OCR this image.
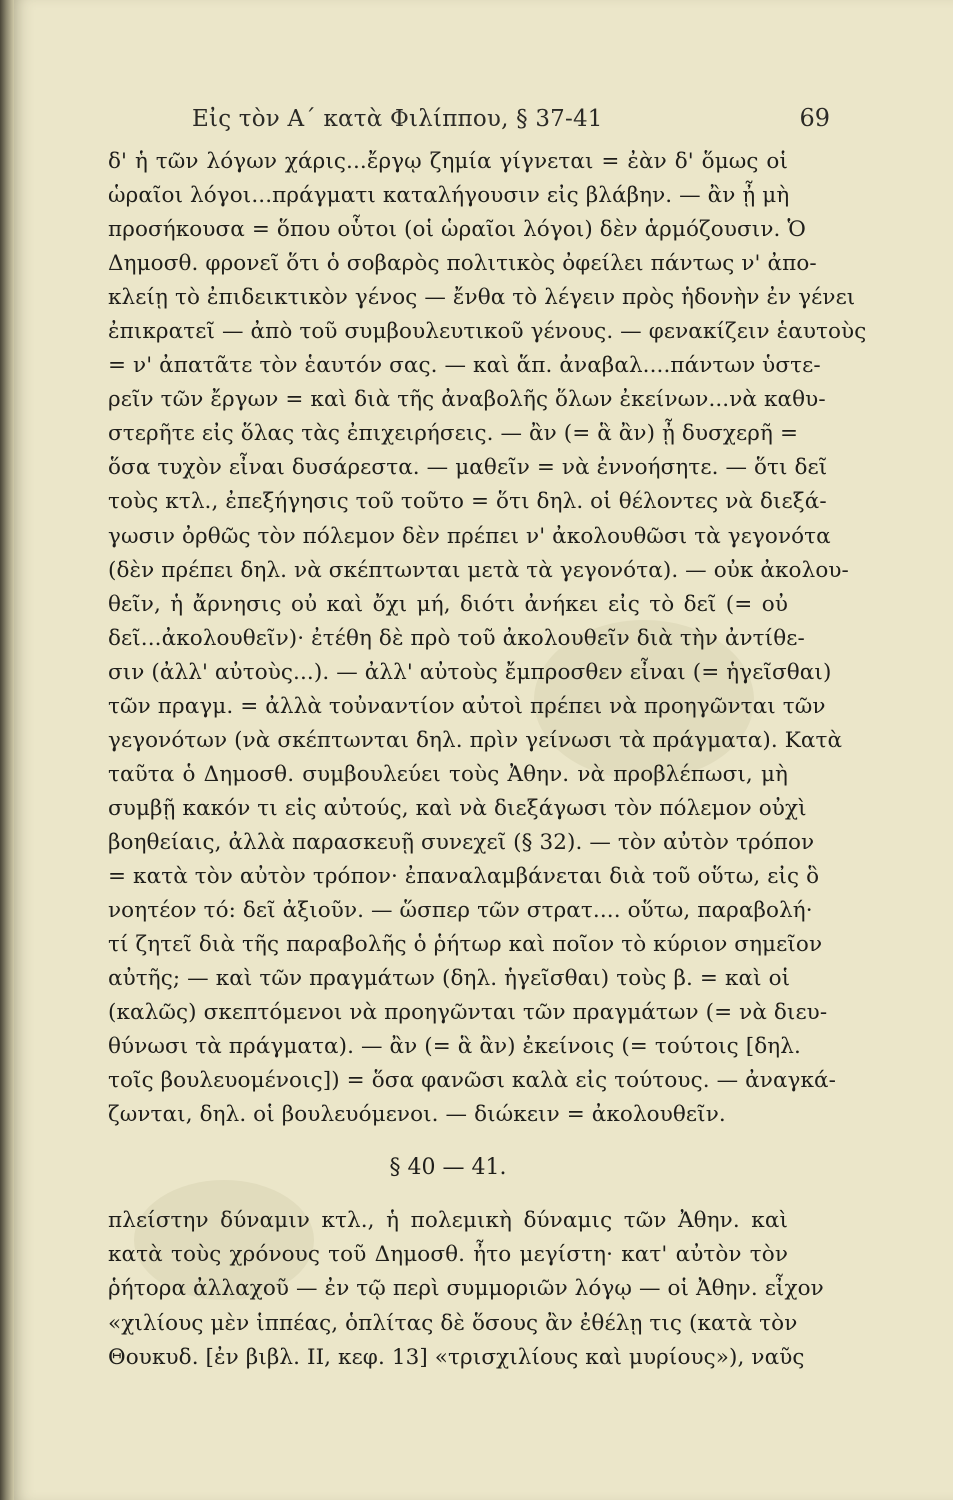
Εἰς τὸν Α΄ κατὰ Φιλίππου, § 37-41	69
δ' ἡ τῶν λόγων χάρις...ἔργῳ ζημία γίγνεται = ἐὰν δ' ὅμως οἱ
ὡραῖοι λόγοι...πράγματι καταλήγουσιν εἰς βλάβην. — ἂν ᾖ μὴ
προσήκουσα = ὅπου οὗτοι (οἱ ὡραῖοι λόγοι) δὲν ἁρμόζουσιν. Ὁ
Δημοσθ. φρονεῖ ὅτι ὁ σοβαρὸς πολιτικὸς ὀφείλει πάντως ν' ἀπο-
κλείῃ τὸ ἐπιδεικτικὸν γένος — ἔνθα τὸ λέγειν πρὸς ἡδονὴν ἐν γένει
ἐπικρατεῖ — ἀπὸ τοῦ συμβουλευτικοῦ γένους. — φενακίζειν ἑαυτοὺς
= ν' ἀπατᾶτε τὸν ἑαυτόν σας. — καὶ ἅπ. ἀναβαλ....πάντων ὑστε-
ρεῖν τῶν ἔργων = καὶ διὰ τῆς ἀναβολῆς ὅλων ἐκείνων...νὰ καθυ-
στερῆτε εἰς ὅλας τὰς ἐπιχειρήσεις. — ἂν (= ἃ ἂν) ᾖ δυσχερῆ =
ὅσα τυχὸν εἶναι δυσάρεστα. — μαθεῖν = νὰ ἐννοήσητε. — ὅτι δεῖ
τοὺς κτλ., ἐπεξήγησις τοῦ τοῦτο = ὅτι δηλ. οἱ θέλοντες νὰ διεξά-
γωσιν ὀρθῶς τὸν πόλεμον δὲν πρέπει ν' ἀκολουθῶσι τὰ γεγονότα
(δὲν πρέπει δηλ. νὰ σκέπτωνται μετὰ τὰ γεγονότα). — οὐκ ἀκολου-
θεῖν, ἡ ἄρνησις οὐ καὶ ὄχι μή, διότι ἀνήκει εἰς τὸ δεῖ (= οὐ
δεῖ...ἀκολουθεῖν)· ἐτέθη δὲ πρὸ τοῦ ἀκολουθεῖν διὰ τὴν ἀντίθε-
σιν (ἀλλ' αὐτοὺς...). — ἀλλ' αὐτοὺς ἔμπροσθεν εἶναι (= ἡγεῖσθαι)
τῶν πραγμ. = ἀλλὰ τοὐναντίον αὐτοὶ πρέπει νὰ προηγῶνται τῶν
γεγονότων (νὰ σκέπτωνται δηλ. πρὶν γείνωσι τὰ πράγματα). Κατὰ
ταῦτα ὁ Δημοσθ. συμβουλεύει τοὺς Ἀθην. νὰ προβλέπωσι, μὴ
συμβῇ κακόν τι εἰς αὐτούς, καὶ νὰ διεξάγωσι τὸν πόλεμον οὐχὶ
βοηθείαις, ἀλλὰ παρασκευῇ συνεχεῖ (§ 32). — τὸν αὐτὸν τρόπον
= κατὰ τὸν αὐτὸν τρόπον· ἐπαναλαμβάνεται διὰ τοῦ οὕτω, εἰς ὃ
νοητέον τό: δεῖ ἀξιοῦν. — ὥσπερ τῶν στρατ.... οὕτω, παραβολή·
τί ζητεῖ διὰ τῆς παραβολῆς ὁ ῥήτωρ καὶ ποῖον τὸ κύριον σημεῖον
αὐτῆς; — καὶ τῶν πραγμάτων (δηλ. ἡγεῖσθαι) τοὺς β. = καὶ οἱ
(καλῶς) σκεπτόμενοι νὰ προηγῶνται τῶν πραγμάτων (= νὰ διευ-
θύνωσι τὰ πράγματα). — ἂν (= ἃ ἂν) ἐκείνοις (= τούτοις [δηλ.
τοῖς βουλευομένοις]) = ὅσα φανῶσι καλὰ εἰς τούτους. — ἀναγκά-
ζωνται, δηλ. οἱ βουλευόμενοι. — διώκειν = ἀκολουθεῖν.
§ 40 — 41.
πλείστην δύναμιν κτλ., ἡ πολεμικὴ δύναμις τῶν Ἀθην. καὶ
κατὰ τοὺς χρόνους τοῦ Δημοσθ. ἦτο μεγίστη· κατ' αὐτὸν τὸν
ῥήτορα ἀλλαχοῦ — ἐν τῷ περὶ συμμοριῶν λόγῳ — οἱ Ἀθην. εἶχον
«χιλίους μὲν ἱππέας, ὁπλίτας δὲ ὅσους ἂν ἐθέλῃ τις (κατὰ τὸν
Θουκυδ. [ἐν βιβλ. II, κεφ. 13] «τρισχιλίους καὶ μυρίους»), ναῦς
